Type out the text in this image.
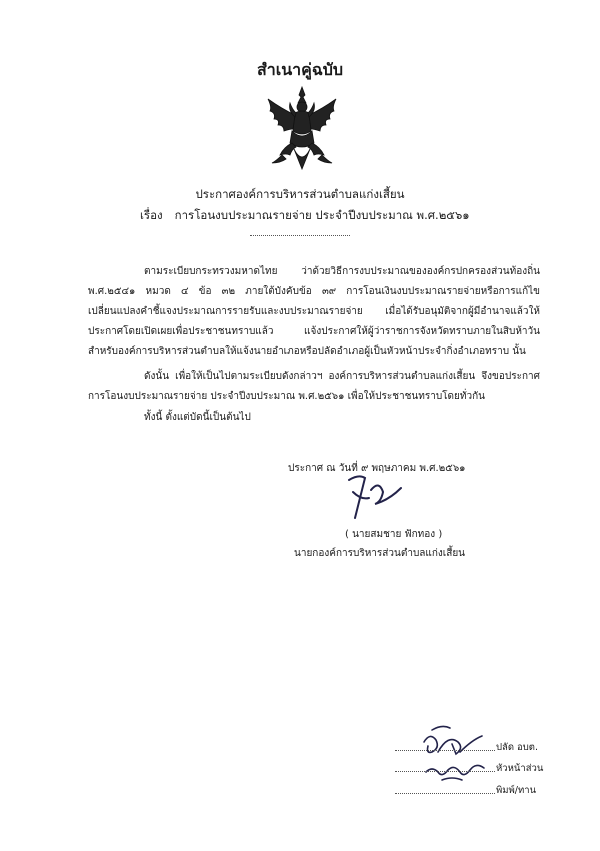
สำเนาคู่ฉบับ
ประกาศองค์การบริหารส่วนตำบลแก่งเสี้ยน
เรื่อง การโอนงบประมาณรายจ่าย ประจำปีงบประมาณ พ.ศ.๒๕๖๑
ตามระเบียบกระทรวงมหาดไทย ว่าด้วยวิธีการงบประมาณขององค์กรปกครองส่วนท้องถิ่น พ.ศ.๒๕๔๑ หมวด ๔ ข้อ ๓๒ ภายใต้บังคับข้อ ๓๙ การโอนเงินงบประมาณรายจ่ายหรือการแก้ไขเปลี่ยนแปลงคำชี้แจงประมาณการรายรับและงบประมาณรายจ่าย เมื่อได้รับอนุมัติจากผู้มีอำนาจแล้วให้ประกาศโดยเปิดเผยเพื่อประชาชนทราบแล้ว แจ้งประกาศให้ผู้ว่าราชการจังหวัดทราบภายในสิบห้าวัน สำหรับองค์การบริหารส่วนตำบลให้แจ้งนายอำเภอหรือปลัดอำเภอผู้เป็นหัวหน้าประจำกิ่งอำเภอทราบ นั้น
ดังนั้น เพื่อให้เป็นไปตามระเบียบดังกล่าวฯ องค์การบริหารส่วนตำบลแก่งเสี้ยน จึงขอประกาศการโอนงบประมาณรายจ่าย ประจำปีงบประมาณ พ.ศ.๒๕๖๑ เพื่อให้ประชาชนทราบโดยทั่วกัน
ทั้งนี้ ตั้งแต่บัดนี้เป็นต้นไป
ประกาศ ณ วันที่ ๙ พฤษภาคม พ.ศ.๒๕๖๑
( นายสมชาย ฟักทอง )
นายกองค์การบริหารส่วนตำบลแก่งเสี้ยน
ปลัด อบต.
หัวหน้าส่วน
พิมพ์/ทาน
